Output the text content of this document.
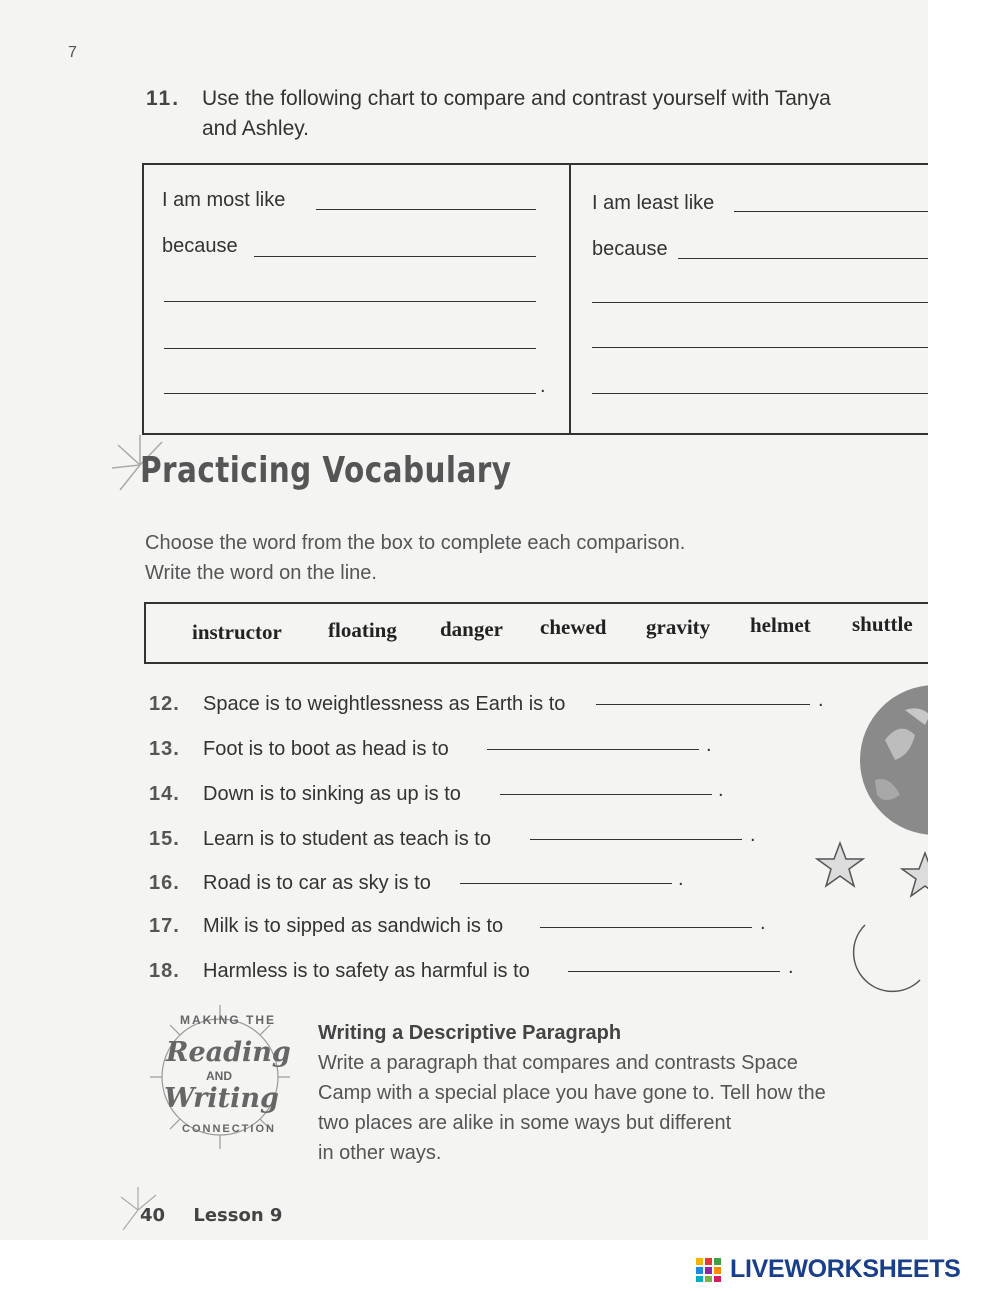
7
11. Use the following chart to compare and contrast yourself with Tanya and Ashley.
I am most like
because
.
I am least like
because
Practicing Vocabulary
Choose the word from the box to complete each comparison.
Write the word on the line.
instructor floating danger chewed gravity helmet shuttle
12. Space is to weightlessness as Earth is to	.
13. Foot is to boot as head is to	.
14. Down is to sinking as up is to	.
15. Learn is to student as teach is to	.
16. Road is to car as sky is to	.
17. Milk is to sipped as sandwich is to	.
18. Harmless is to safety as harmful is to	.
MAKING THE
Reading
AND
Writing
CONNECTION
Writing a Descriptive Paragraph
Write a paragraph that compares and contrasts Space
Camp with a special place you have gone to. Tell how the
two places are alike in some ways but different
in other ways.
40 Lesson 9
LIVEWORKSHEETS
